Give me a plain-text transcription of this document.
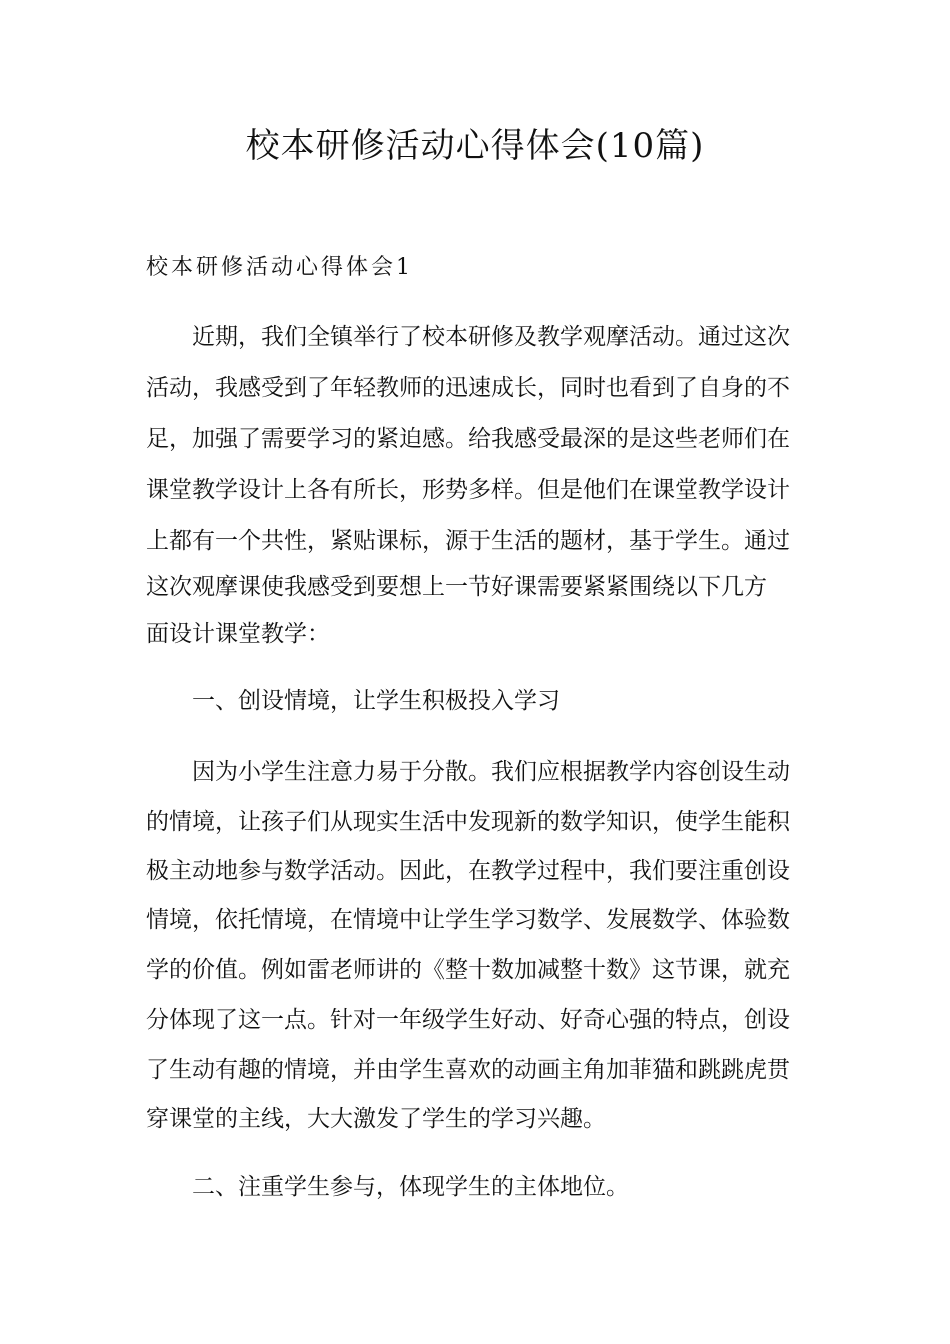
校本研修活动心得体会(10篇)
校本研修活动心得体会1
近期，我们全镇举行了校本研修及教学观摩活动。通过这次
活动，我感受到了年轻教师的迅速成长，同时也看到了自身的不
足，加强了需要学习的紧迫感。给我感受最深的是这些老师们在
课堂教学设计上各有所长，形势多样。但是他们在课堂教学设计
上都有一个共性，紧贴课标，源于生活的题材，基于学生。通过
这次观摩课使我感受到要想上一节好课需要紧紧围绕以下几方
面设计课堂教学：
一、创设情境，让学生积极投入学习
因为小学生注意力易于分散。我们应根据教学内容创设生动
的情境，让孩子们从现实生活中发现新的数学知识，使学生能积
极主动地参与数学活动。因此，在教学过程中，我们要注重创设
情境，依托情境，在情境中让学生学习数学、发展数学、体验数
学的价值。例如雷老师讲的《整十数加减整十数》这节课，就充
分体现了这一点。针对一年级学生好动、好奇心强的特点，创设
了生动有趣的情境，并由学生喜欢的动画主角加菲猫和跳跳虎贯
穿课堂的主线，大大激发了学生的学习兴趣。
二、注重学生参与，体现学生的主体地位。
